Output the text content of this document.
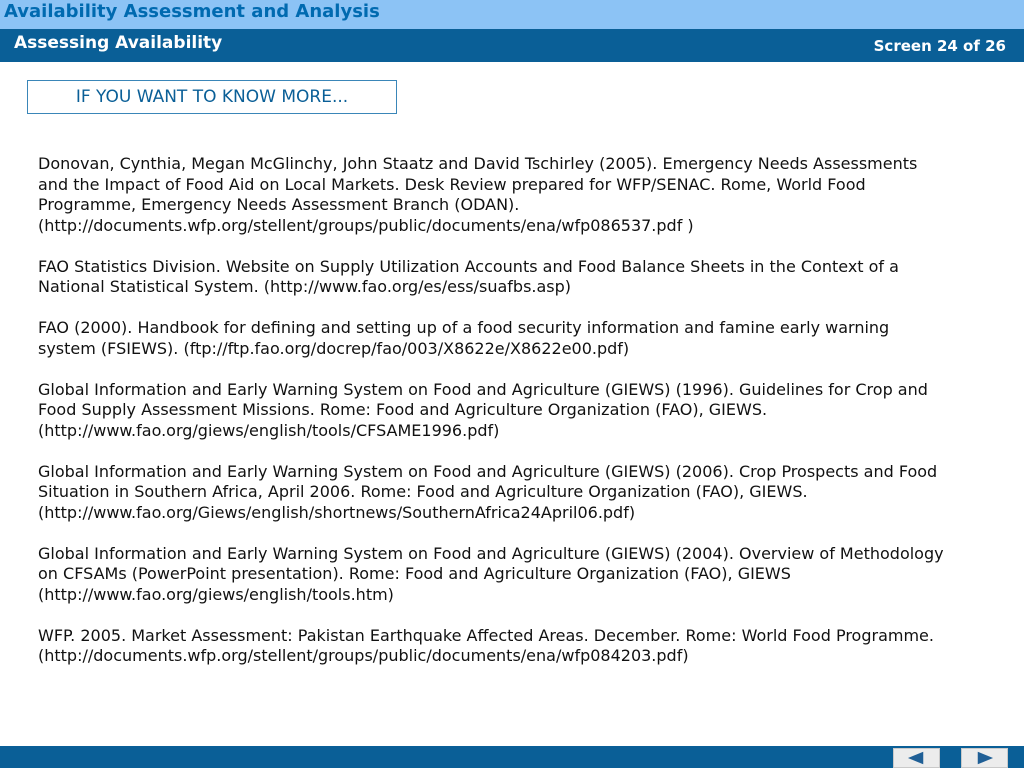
Availability Assessment and Analysis
Assessing Availability	Screen 24 of 26
IF YOU WANT TO KNOW MORE...

Donovan, Cynthia, Megan McGlinchy, John Staatz and David Tschirley (2005). Emergency Needs Assessments and the Impact of Food Aid on Local Markets. Desk Review prepared for WFP/SENAC. Rome, World Food Programme, Emergency Needs Assessment Branch (ODAN). (http://documents.wfp.org/stellent/groups/public/documents/ena/wfp086537.pdf )

FAO Statistics Division. Website on Supply Utilization Accounts and Food Balance Sheets in the Context of a National Statistical System. (http://www.fao.org/es/ess/suafbs.asp)

FAO (2000). Handbook for defining and setting up of a food security information and famine early warning system (FSIEWS). (ftp://ftp.fao.org/docrep/fao/003/X8622e/X8622e00.pdf)

Global Information and Early Warning System on Food and Agriculture (GIEWS) (1996). Guidelines for Crop and Food Supply Assessment Missions. Rome: Food and Agriculture Organization (FAO), GIEWS. (http://www.fao.org/giews/english/tools/CFSAME1996.pdf)

Global Information and Early Warning System on Food and Agriculture (GIEWS) (2006). Crop Prospects and Food Situation in Southern Africa, April 2006. Rome: Food and Agriculture Organization (FAO), GIEWS. (http://www.fao.org/Giews/english/shortnews/SouthernAfrica24April06.pdf)

Global Information and Early Warning System on Food and Agriculture (GIEWS) (2004). Overview of Methodology on CFSAMs (PowerPoint presentation). Rome: Food and Agriculture Organization (FAO), GIEWS (http://www.fao.org/giews/english/tools.htm)

WFP. 2005. Market Assessment: Pakistan Earthquake Affected Areas. December. Rome: World Food Programme. (http://documents.wfp.org/stellent/groups/public/documents/ena/wfp084203.pdf)
